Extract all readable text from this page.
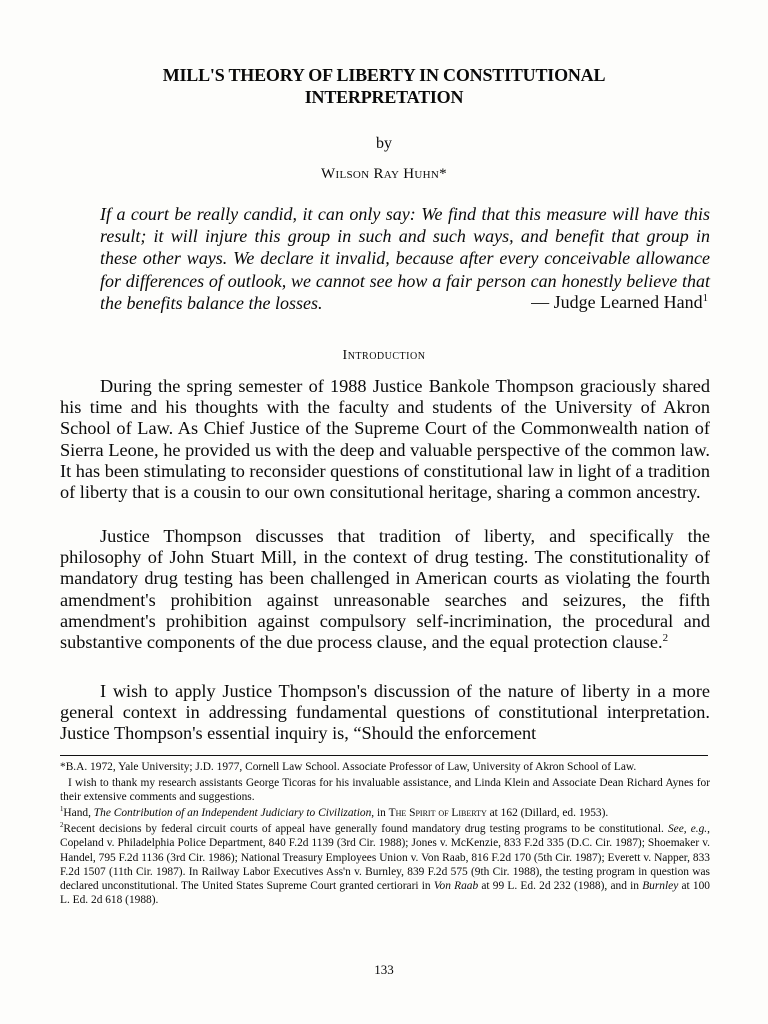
MILL'S THEORY OF LIBERTY IN CONSTITUTIONAL
INTERPRETATION
by
Wilson Ray Huhn*

If a court be really candid, it can only say: We find that this measure will have this result; it will injure this group in such and such ways, and benefit that group in these other ways. We declare it invalid, because after every conceivable allowance for differences of outlook, we cannot see how a fair person can honestly believe that the benefits balance the losses.	— Judge Learned Hand$^1$
Introduction

During the spring semester of 1988 Justice Bankole Thompson graciously shared his time and his thoughts with the faculty and students of the University of Akron School of Law. As Chief Justice of the Supreme Court of the Commonwealth nation of Sierra Leone, he provided us with the deep and valuable perspective of the common law. It has been stimulating to reconsider questions of constitutional law in light of a tradition of liberty that is a cousin to our own consitutional heritage, sharing a common ancestry.

Justice Thompson discusses that tradition of liberty, and specifically the philosophy of John Stuart Mill, in the context of drug testing. The constitutionality of mandatory drug testing has been challenged in American courts as violating the fourth amendment's prohibition against unreasonable searches and seizures, the fifth amendment's prohibition against compulsory self-incrimination, the procedural and substantive components of the due process clause, and the equal protection clause.$^2$

I wish to apply Justice Thompson's discussion of the nature of liberty in a more general context in addressing fundamental questions of constitutional interpretation. Justice Thompson's essential inquiry is, “Should the enforcement

*B.A. 1972, Yale University; J.D. 1977, Cornell Law School. Associate Professor of Law, University of Akron School of Law.

I wish to thank my research assistants George Ticoras for his invaluable assistance, and Linda Klein and Associate Dean Richard Aynes for their extensive comments and suggestions.

$^1$Hand, The Contribution of an Independent Judiciary to Civilization, in The Spirit of Liberty at 162 (Dillard, ed. 1953).

$^2$Recent decisions by federal circuit courts of appeal have generally found mandatory drug testing programs to be constitutional. See, e.g., Copeland v. Philadelphia Police Department, 840 F.2d 1139 (3rd Cir. 1988); Jones v. McKenzie, 833 F.2d 335 (D.C. Cir. 1987); Shoemaker v. Handel, 795 F.2d 1136 (3rd Cir. 1986); National Treasury Employees Union v. Von Raab, 816 F.2d 170 (5th Cir. 1987); Everett v. Napper, 833 F.2d 1507 (11th Cir. 1987). In Railway Labor Executives Ass'n v. Burnley, 839 F.2d 575 (9th Cir. 1988), the testing program in question was declared unconstitutional. The United States Supreme Court granted certiorari in Von Raab at 99 L. Ed. 2d 232 (1988), and in Burnley at 100 L. Ed. 2d 618 (1988).

133
